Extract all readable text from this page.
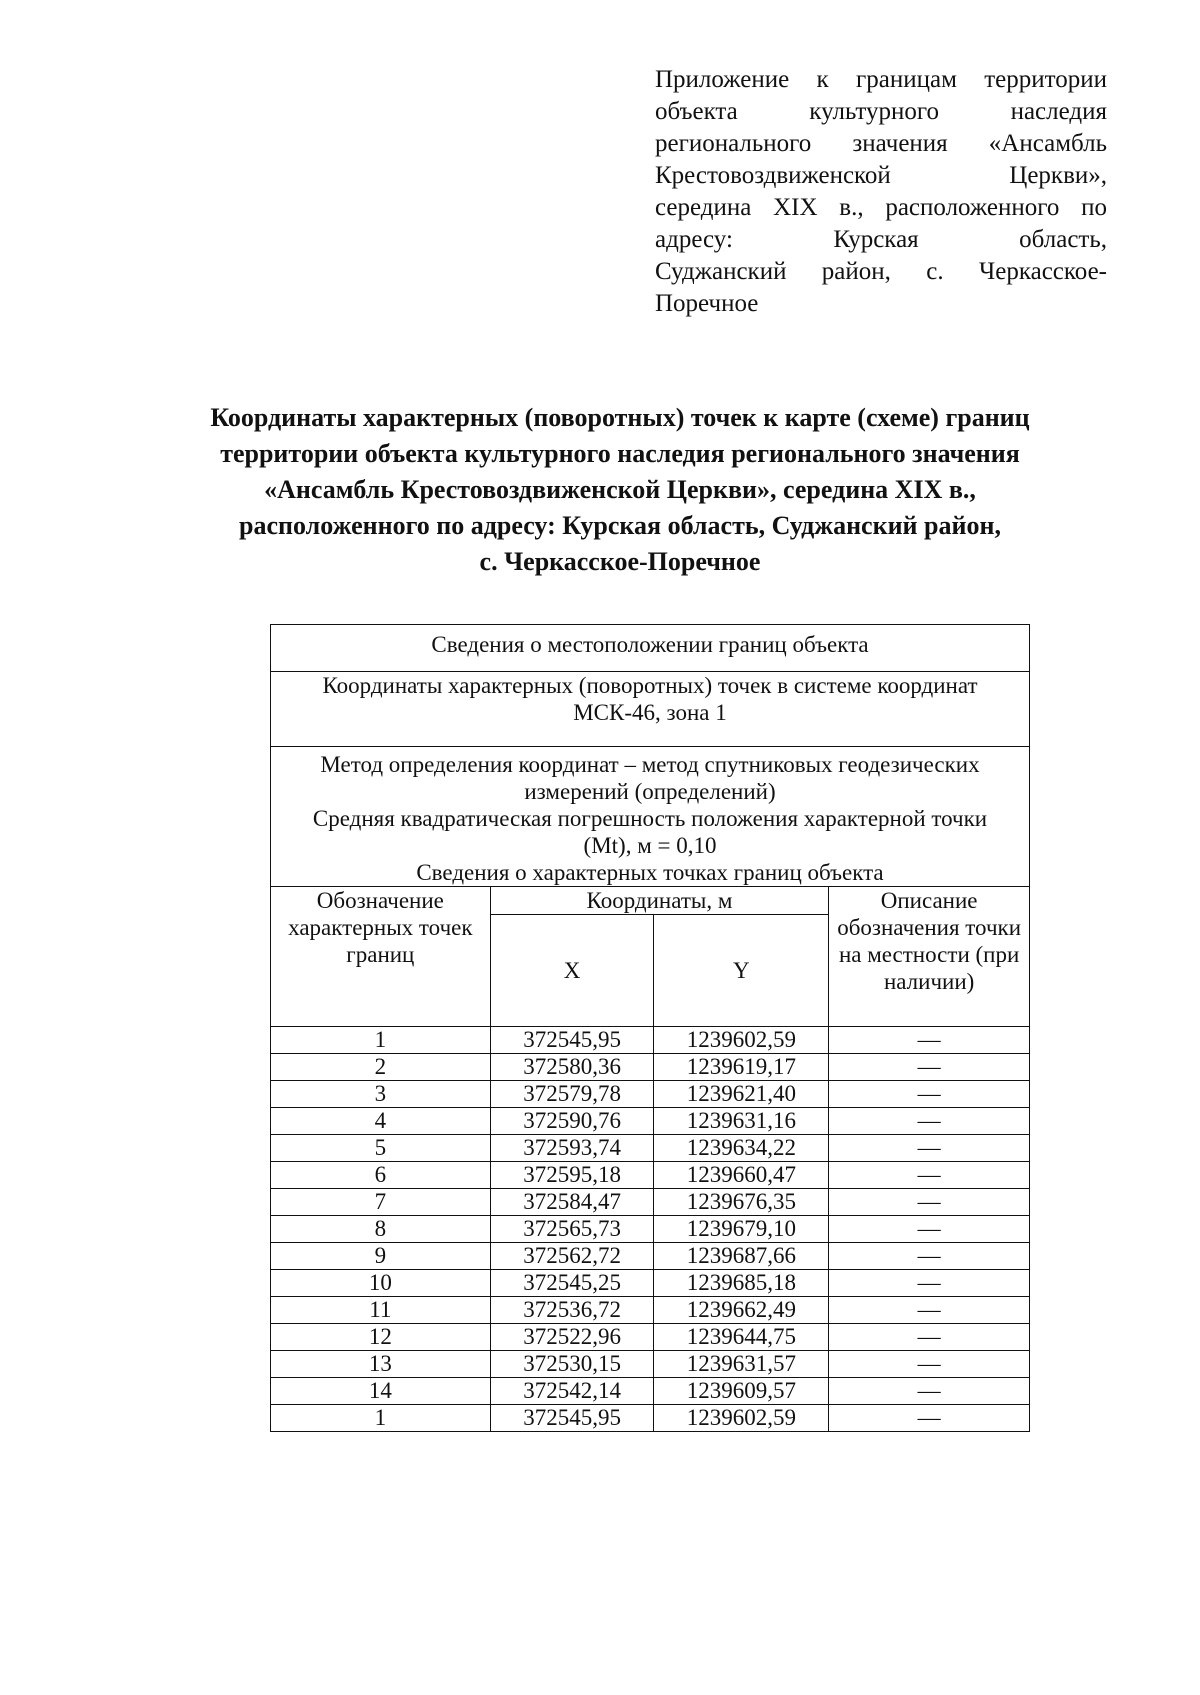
Приложение к границам территории
объекта культурного наследия
регионального значения «Ансамбль
Крестовоздвиженской Церкви»,
середина XIX в., расположенного по
адресу: Курская область,
Суджанский район, с. Черкасское-
Поречное
Координаты характерных (поворотных) точек к карте (схеме) границ
территории объекта культурного наследия регионального значения
«Ансамбль Крестовоздвиженской Церкви», середина XIX в.,
расположенного по адресу: Курская область, Суджанский район,
с. Черкасское-Поречное
Сведения о местоположении границ объекта			

Координаты характерных (поворотных) точек в системе координат
МСК-46, зона 1			

Метод определения координат – метод спутниковых геодезических
измерений (определений)
Средняя квадратическая погрешность положения характерной точки
(Mt), м = 0,10
Сведения о характерных точках границ объекта			

Обозначение характерных точек границ	Координаты, м		Описание обозначения точки на местности (при наличии)
	X	Y	
1	372545,95	1239602,59	—
2	372580,36	1239619,17	—
3	372579,78	1239621,40	—
4	372590,76	1239631,16	—
5	372593,74	1239634,22	—
6	372595,18	1239660,47	—
7	372584,47	1239676,35	—
8	372565,73	1239679,10	—
9	372562,72	1239687,66	—
10	372545,25	1239685,18	—
11	372536,72	1239662,49	—
12	372522,96	1239644,75	—
13	372530,15	1239631,57	—
14	372542,14	1239609,57	—
1	372545,95	1239602,59	—
